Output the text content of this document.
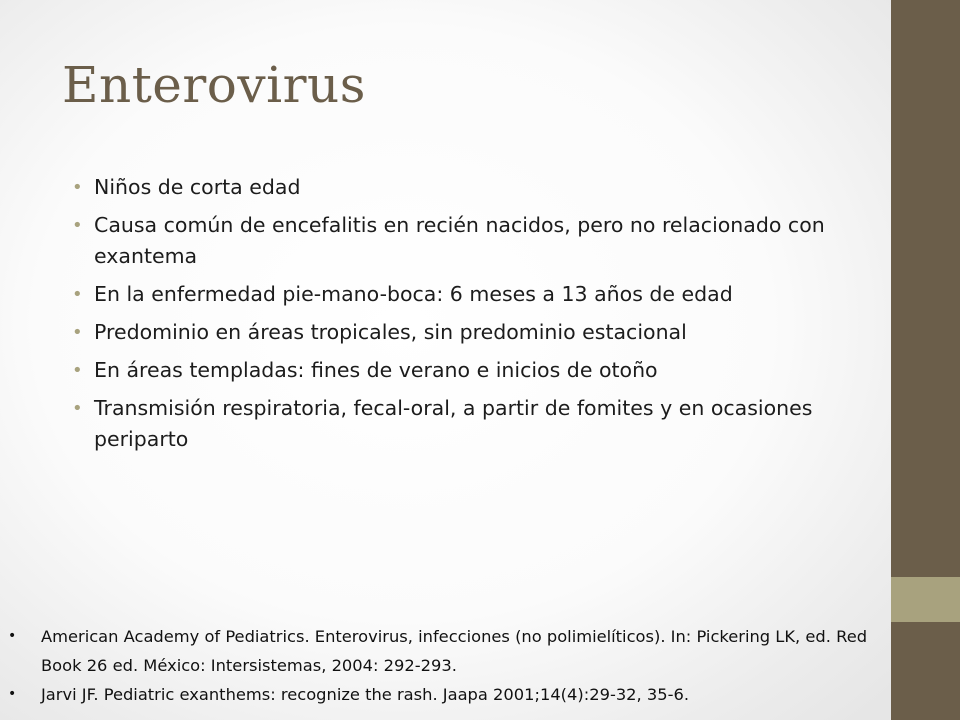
Enterovirus
• Niños de corta edad
• Causa común de encefalitis en recién nacidos, pero no relacionado con exantema
• En la enfermedad pie-mano-boca: 6 meses a 13 años de edad
• Predominio en áreas tropicales, sin predominio estacional
• En áreas templadas: fines de verano e inicios de otoño
• Transmisión respiratoria, fecal-oral, a partir de fomites y en ocasiones periparto
• American Academy of Pediatrics. Enterovirus, infecciones (no polimielíticos). In: Pickering LK, ed. Red Book 26 ed. México: Intersistemas, 2004: 292-293.
• Jarvi JF. Pediatric exanthems: recognize the rash. Jaapa 2001;14(4):29-32, 35-6.
